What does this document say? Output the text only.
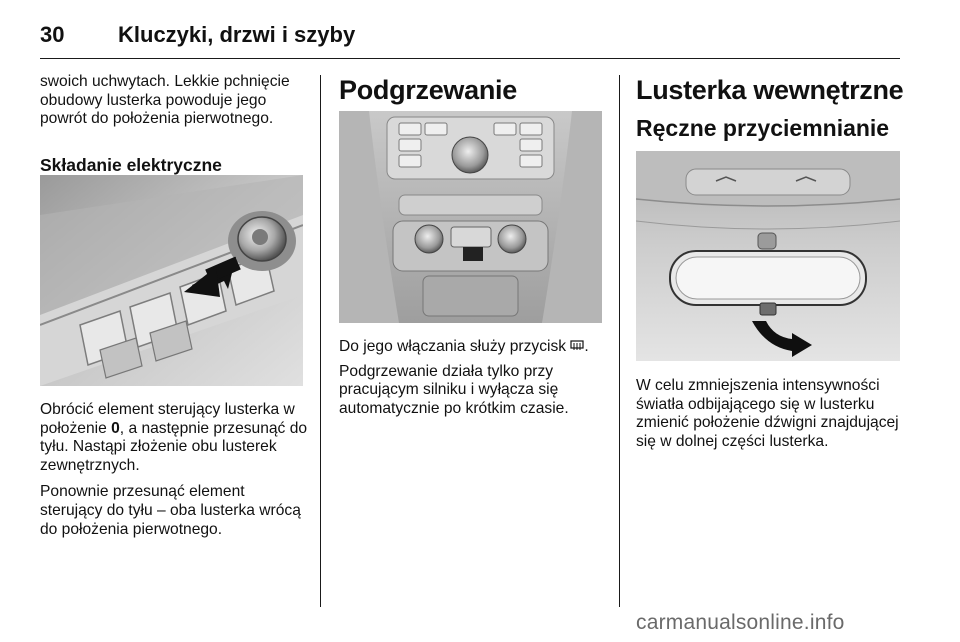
30 Kluczyki, drzwi i szyby

swoich uchwytach. Lekkie pchnięcie obudowy lusterka powoduje jego powrót do położenia pierwotnego.

Składanie elektryczne

Obrócić element sterujący lusterka w położenie 0, a następnie przesunąć do tyłu. Nastąpi złożenie obu lusterek zewnętrznych.

Ponownie przesunąć element sterujący do tyłu – oba lusterka wrócą do położenia pierwotnego.

Podgrzewanie

Do jego włączania służy przycisk .

Podgrzewanie działa tylko przy pracującym silniku i wyłącza się automatycznie po krótkim czasie.

Lusterka wewnętrzne

Ręczne przyciemnianie

W celu zmniejszenia intensywności światła odbijającego się w lusterku zmienić położenie dźwigni znajdującej się w dolnej części lusterka.

carmanualsonline.info
